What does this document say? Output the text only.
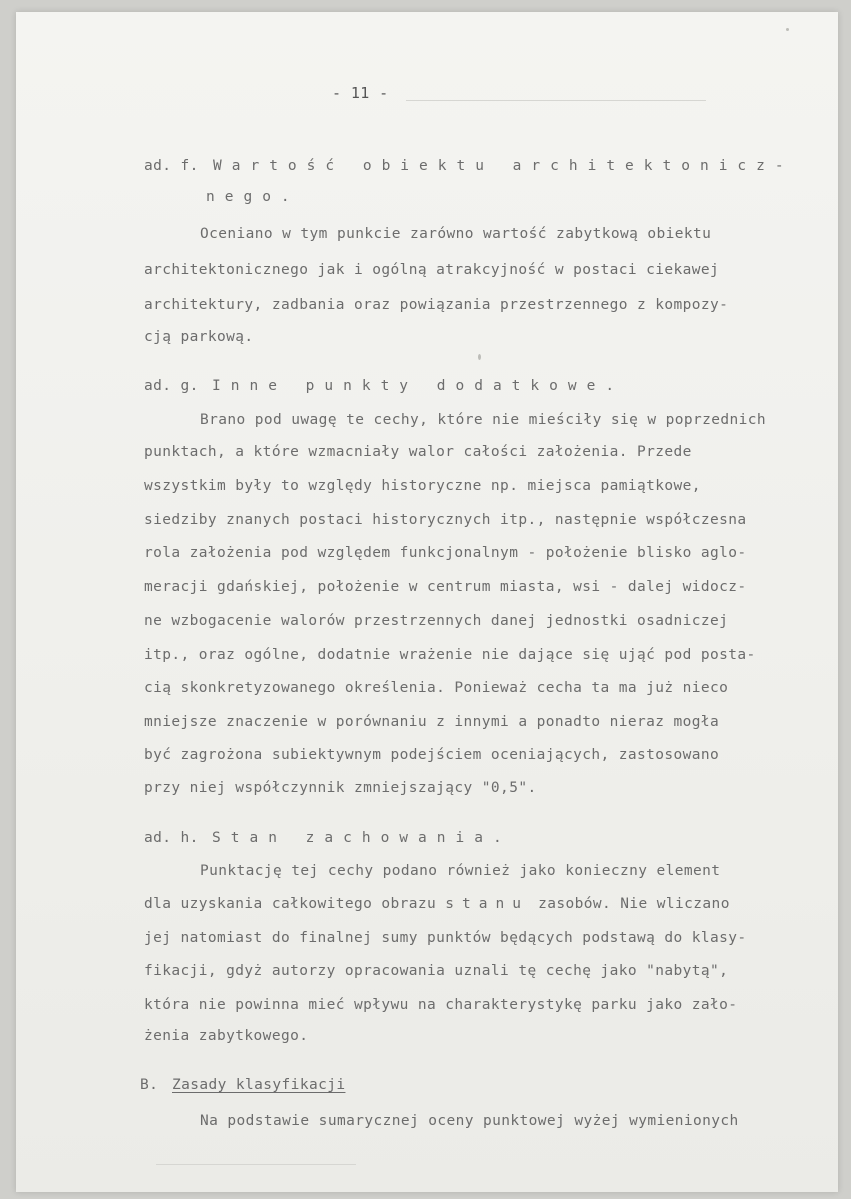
- 11 -
ad. f. Wartość obiektu architektonicz-
nego.
Oceniano w tym punkcie zarówno wartość zabytkową obiektu
architektonicznego jak i ogólną atrakcyjność w postaci ciekawej
architektury, zadbania oraz powiązania przestrzennego z kompozy-
cją parkową.
ad. g. Inne punkty dodatkowe.
Brano pod uwagę te cechy, które nie mieściły się w poprzednich
punktach, a które wzmacniały walor całości założenia. Przede
wszystkim były to względy historyczne np. miejsca pamiątkowe,
siedziby znanych postaci historycznych itp., następnie współczesna
rola założenia pod względem funkcjonalnym - położenie blisko aglo-
meracji gdańskiej, położenie w centrum miasta, wsi - dalej widocz-
ne wzbogacenie walorów przestrzennych danej jednostki osadniczej
itp., oraz ogólne, dodatnie wrażenie nie dające się ująć pod posta-
cią skonkretyzowanego określenia. Ponieważ cecha ta ma już nieco
mniejsze znaczenie w porównaniu z innymi a ponadto nieraz mogła
być zagrożona subiektywnym podejściem oceniających, zastosowano
przy niej współczynnik zmniejszający "0,5".
ad. h. Stan zachowania.
Punktację tej cechy podano również jako konieczny element
dla uzyskania całkowitego obrazu stanu zasobów. Nie wliczano
jej natomiast do finalnej sumy punktów będących podstawą do klasy-
fikacji, gdyż autorzy opracowania uznali tę cechę jako "nabytą",
która nie powinna mieć wpływu na charakterystykę parku jako zało-
żenia zabytkowego.
B. Zasady klasyfikacji
Na podstawie sumarycznej oceny punktowej wyżej wymienionych
